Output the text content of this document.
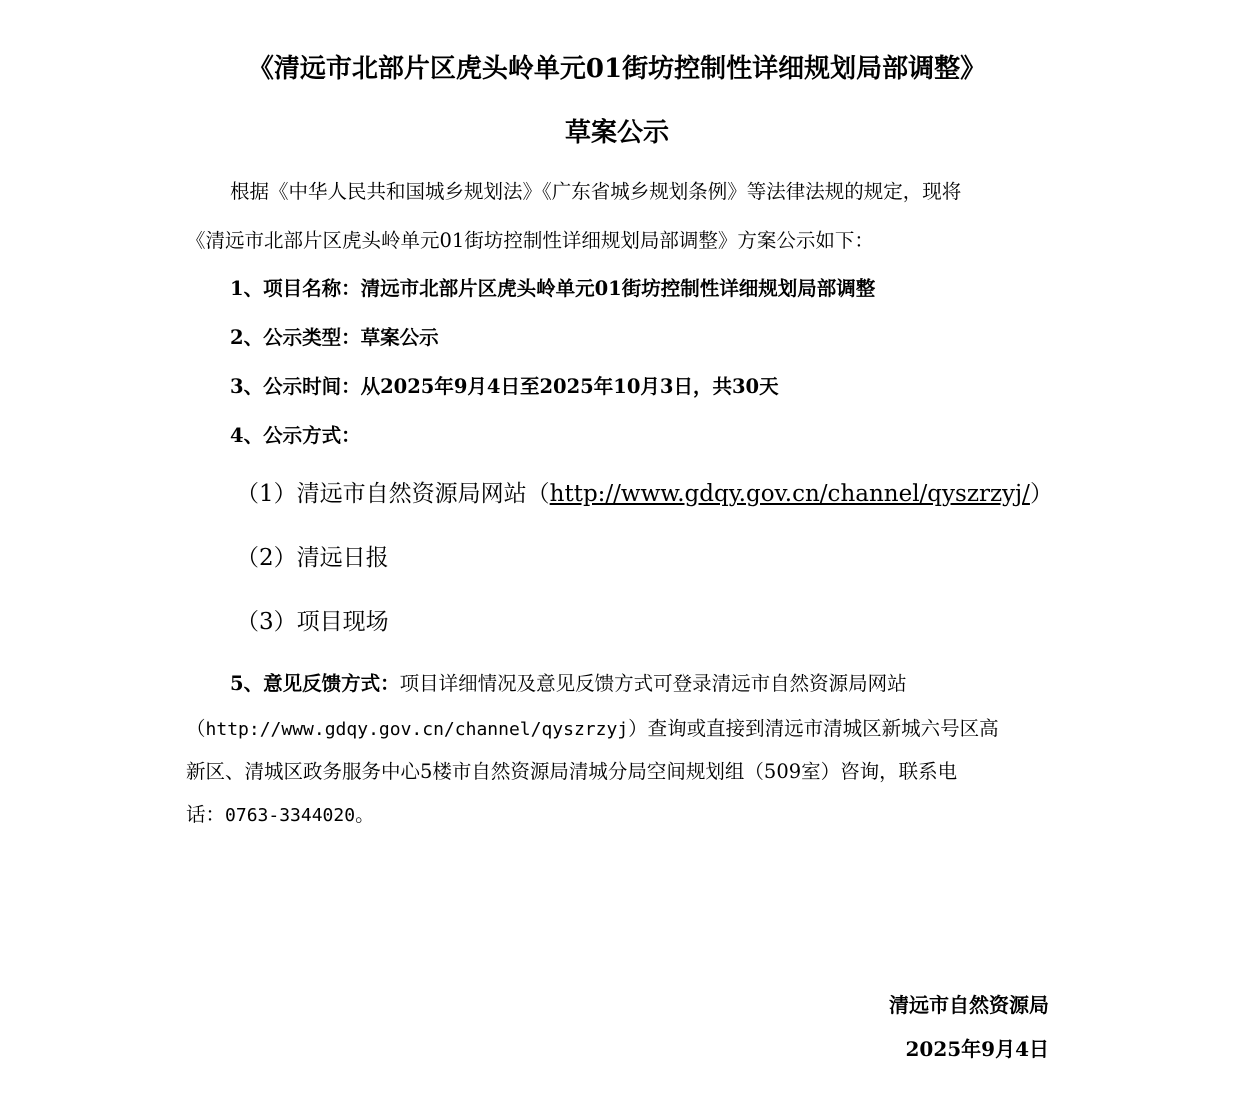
《清远市北部片区虎头岭单元01街坊控制性详细规划局部调整》
草案公示
根据《中华人民共和国城乡规划法》《广东省城乡规划条例》等法律法规的规定，现将
《清远市北部片区虎头岭单元01街坊控制性详细规划局部调整》方案公示如下：
1、项目名称：清远市北部片区虎头岭单元01街坊控制性详细规划局部调整
2、公示类型：草案公示
3、公示时间：从2025年9月4日至2025年10月3日，共30天
4、公示方式：
（1）清远市自然资源局网站（http://www.gdqy.gov.cn/channel/qyszrzyj/）
（2）清远日报
（3）项目现场
5、意见反馈方式：项目详细情况及意见反馈方式可登录清远市自然资源局网站
（http://www.gdqy.gov.cn/channel/qyszrzyj）查询或直接到清远市清城区新城六号区高
新区、清城区政务服务中心5楼市自然资源局清城分局空间规划组（509室）咨询，联系电
话：0763-3344020。
清远市自然资源局
2025年9月4日
